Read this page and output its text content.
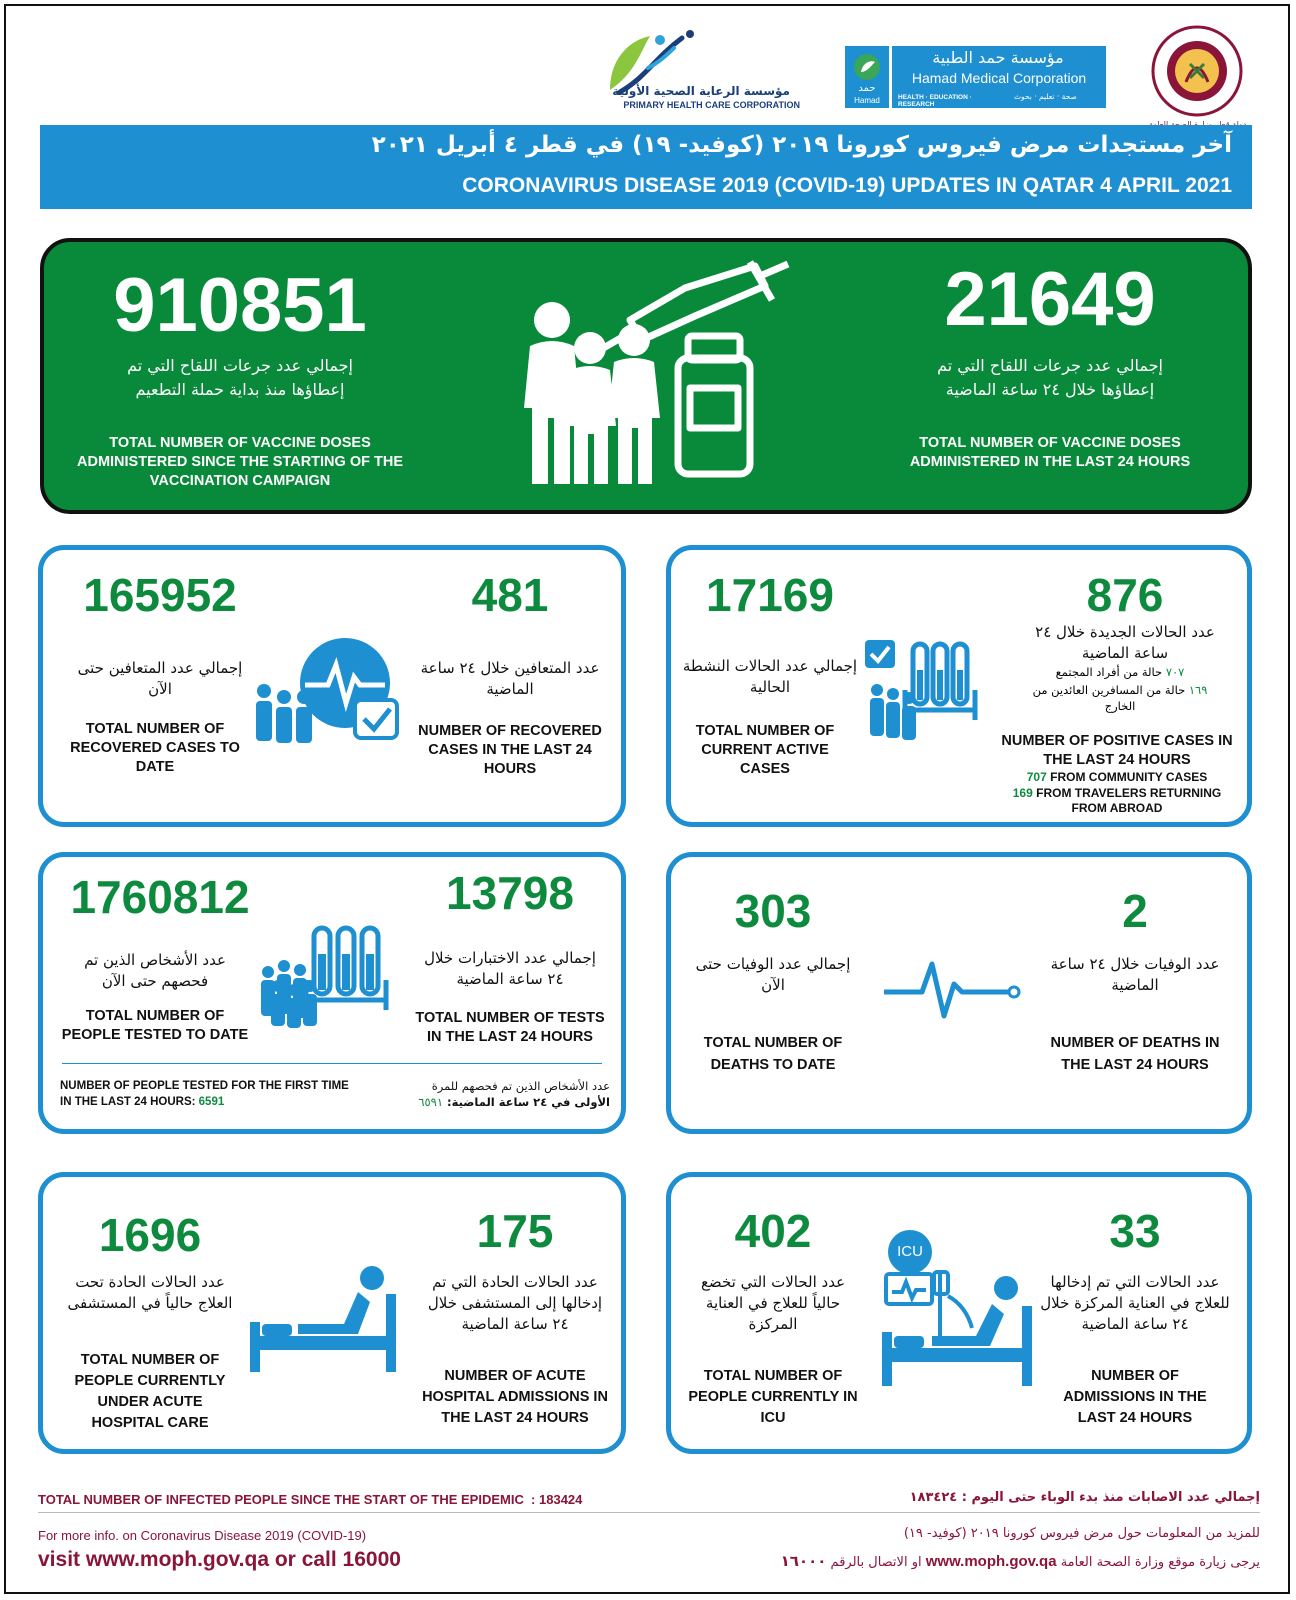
مؤسسة الرعاية الصحية الأولية
PRIMARY HEALTH CARE CORPORATION
حمد
Hamad
مؤسسة حمد الطبية
Hamad Medical Corporation
HEALTH · EDUCATION · RESEARCH
صحة · تعليم · بحوث
آخر مستجدات مرض فيروس كورونا ٢٠١٩ (كوفيد- ١٩) في قطر ٤ أبريل ٢٠٢١
CORONAVIRUS DISEASE 2019 (COVID-19) UPDATES IN QATAR 4 APRIL 2021
910851
إجمالي عدد جرعات اللقاح التي تم إعطاؤها منذ بداية حملة التطعيم
TOTAL NUMBER OF VACCINE DOSES ADMINISTERED SINCE THE STARTING OF THE VACCINATION CAMPAIGN
21649
إجمالي عدد جرعات اللقاح التي تم إعطاؤها خلال ٢٤ ساعة الماضية
TOTAL NUMBER OF VACCINE DOSES ADMINISTERED IN THE LAST 24 HOURS
165952
إجمالي عدد المتعافين حتى الآن
TOTAL NUMBER OF RECOVERED CASES TO DATE
481
عدد المتعافين خلال ٢٤ ساعة الماضية
NUMBER OF RECOVERED CASES IN THE LAST 24 HOURS
17169
إجمالي عدد الحالات النشطة الحالية
TOTAL NUMBER OF CURRENT ACTIVE CASES
876
عدد الحالات الجديدة خلال ٢٤ ساعة الماضية
٧٠٧ حالة من أفراد المجتمع
١٦٩ حالة من المسافرين العائدين من الخارج
NUMBER OF POSITIVE CASES IN THE LAST 24 HOURS
707 FROM COMMUNITY CASES
169 FROM TRAVELERS RETURNING FROM ABROAD
1760812
عدد الأشخاص الذين تم فحصهم حتى الآن
TOTAL NUMBER OF PEOPLE TESTED TO DATE
13798
إجمالي عدد الاختبارات خلال ٢٤ ساعة الماضية
TOTAL NUMBER OF TESTS IN THE LAST 24 HOURS
NUMBER OF PEOPLE TESTED FOR THE FIRST TIME IN THE LAST 24 HOURS: 6591
عدد الأشخاص الذين تم فحصهم للمرة
الأولى في ٢٤ ساعة الماضية: ٦٥٩١
303
إجمالي عدد الوفيات حتى الآن
TOTAL NUMBER OF DEATHS TO DATE
2
عدد الوفيات خلال ٢٤ ساعة الماضية
NUMBER OF DEATHS IN THE LAST 24 HOURS
1696
عدد الحالات الحادة تحت العلاج حالياً في المستشفى
TOTAL NUMBER OF PEOPLE CURRENTLY UNDER ACUTE HOSPITAL CARE
175
عدد الحالات الحادة التي تم إدخالها إلى المستشفى خلال ٢٤ ساعة الماضية
NUMBER OF ACUTE HOSPITAL ADMISSIONS IN THE LAST 24 HOURS
402
عدد الحالات التي تخضع حالياً للعلاج في العناية المركزة
TOTAL NUMBER OF PEOPLE CURRENTLY IN ICU
33
عدد الحالات التي تم إدخالها للعلاج في العناية المركزة خلال ٢٤ ساعة الماضية
NUMBER OF ADMISSIONS IN THE LAST 24 HOURS
ICU
TOTAL NUMBER OF INFECTED PEOPLE SINCE THE START OF THE EPIDEMIC  : 183424	إجمالي عدد الاصابات منذ بدء الوباء حتى اليوم : ١٨٣٤٢٤
For more info. on Coronavirus Disease 2019 (COVID-19)
visit www.moph.gov.qa or call 16000
للمزيد من المعلومات حول مرض فيروس كورونا ٢٠١٩ (كوفيد- ١٩)
يرجى زيارة موقع وزارة الصحة العامة www.moph.gov.qa او الاتصال بالرقم ١٦٠٠٠
